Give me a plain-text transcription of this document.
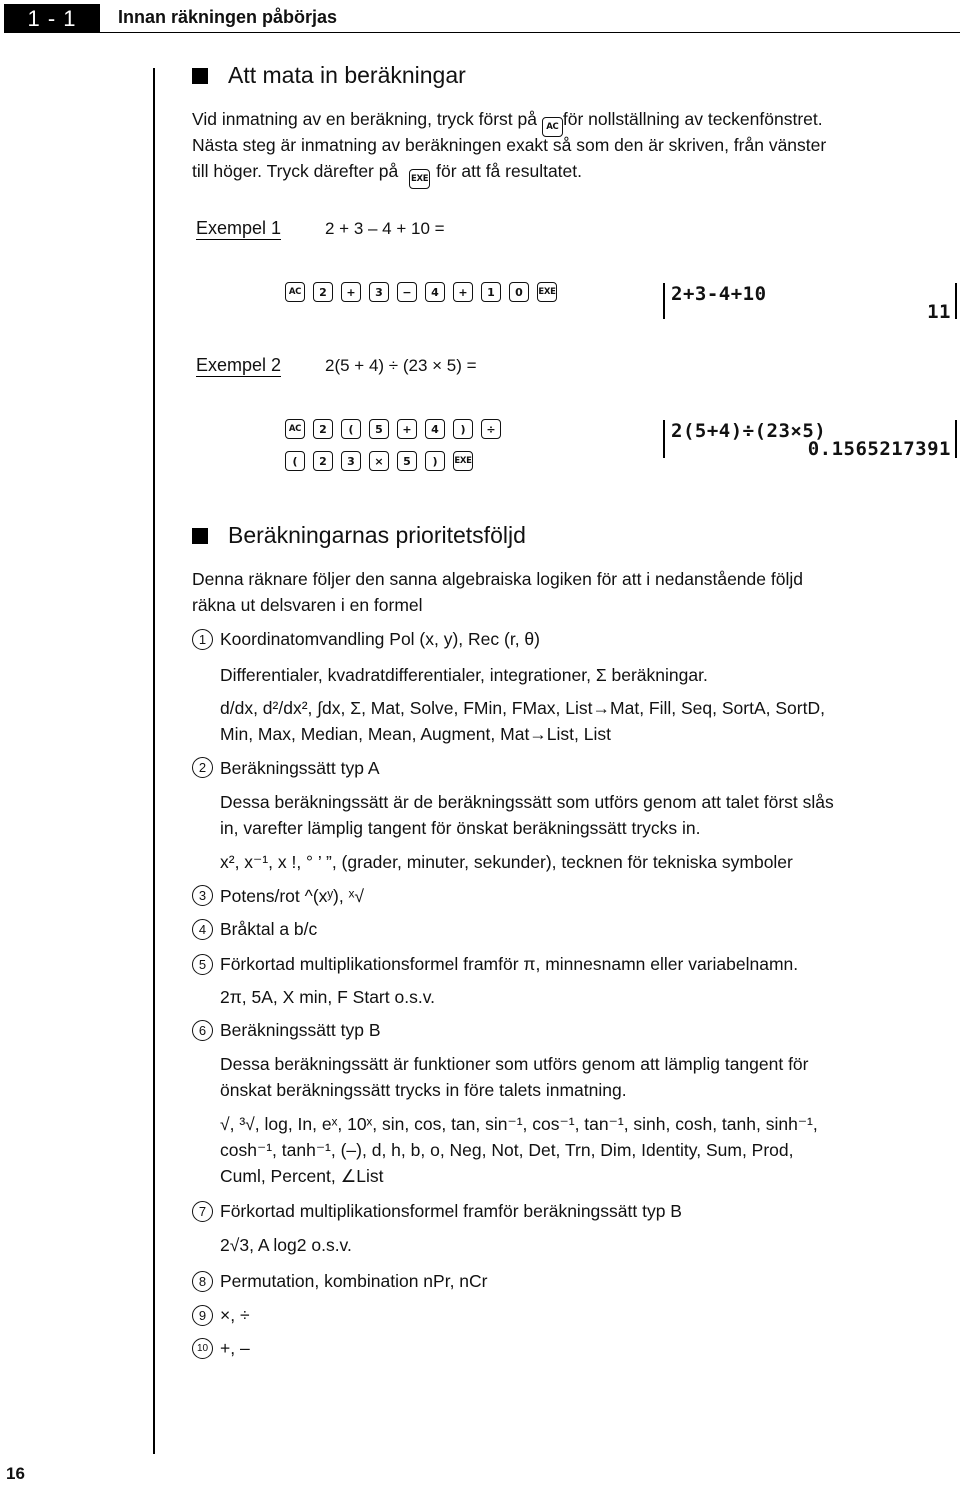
1 - 1	Innan räkningen påbörjas
Att mata in beräkningar
Vid inmatning av en beräkning, tryck först på AC för nollställning av teckenfönstret.
Nästa steg är inmatning av beräkningen exakt så som den är skriven, från vänster
till höger. Tryck därefter på EXE för att få resultatet.
Exempel 1	2 + 3 – 4 + 10 =
AC	2	+	3	−	4	+	1	0	EXE	2+3-4+10
11
Exempel 2	2(5 + 4) ÷ (23 × 5) =
AC	2	(	5	+	4	)	÷
(	2	3	×	5	)	EXE
2(5+4)÷(23×5)
0.1565217391
Beräkningarnas prioritetsföljd
Denna räknare följer den sanna algebraiska logiken för att i nedanstående följd
räkna ut delsvaren i en formel
1 Koordinatomvandling Pol (x, y), Rec (r, θ)
Differentialer, kvadratdifferentialer, integrationer, Σ beräkningar.
d/dx, d²/dx², ∫dx, Σ, Mat, Solve, FMin, FMax, List→Mat, Fill, Seq, SortA, SortD,
Min, Max, Median, Mean, Augment, Mat→List, List
2 Beräkningssätt typ A
Dessa beräkningssätt är de beräkningssätt som utförs genom att talet först slås
in, varefter lämplig tangent för önskat beräkningssätt trycks in.
x², x⁻¹, x !, ° ’ ”, (grader, minuter, sekunder), tecknen för tekniska symboler
3 Potens/rot ^(xʸ), ˣ√
4 Bråktal a b/c
5 Förkortad multiplikationsformel framför π, minnesnamn eller variabelnamn.
2π, 5A, X min, F Start o.s.v.
6 Beräkningssätt typ B
Dessa beräkningssätt är funktioner som utförs genom att lämplig tangent för
önskat beräkningssätt trycks in före talets inmatning.
√, ³√, log, In, eˣ, 10ˣ, sin, cos, tan, sin⁻¹, cos⁻¹, tan⁻¹, sinh, cosh, tanh, sinh⁻¹,
cosh⁻¹, tanh⁻¹, (–), d, h, b, o, Neg, Not, Det, Trn, Dim, Identity, Sum, Prod,
Cuml, Percent, ∠List
7 Förkortad multiplikationsformel framför beräkningssätt typ B
2√3, A log2 o.s.v.
8 Permutation, kombination nPr, nCr
9 ×, ÷
10 +, –
16
